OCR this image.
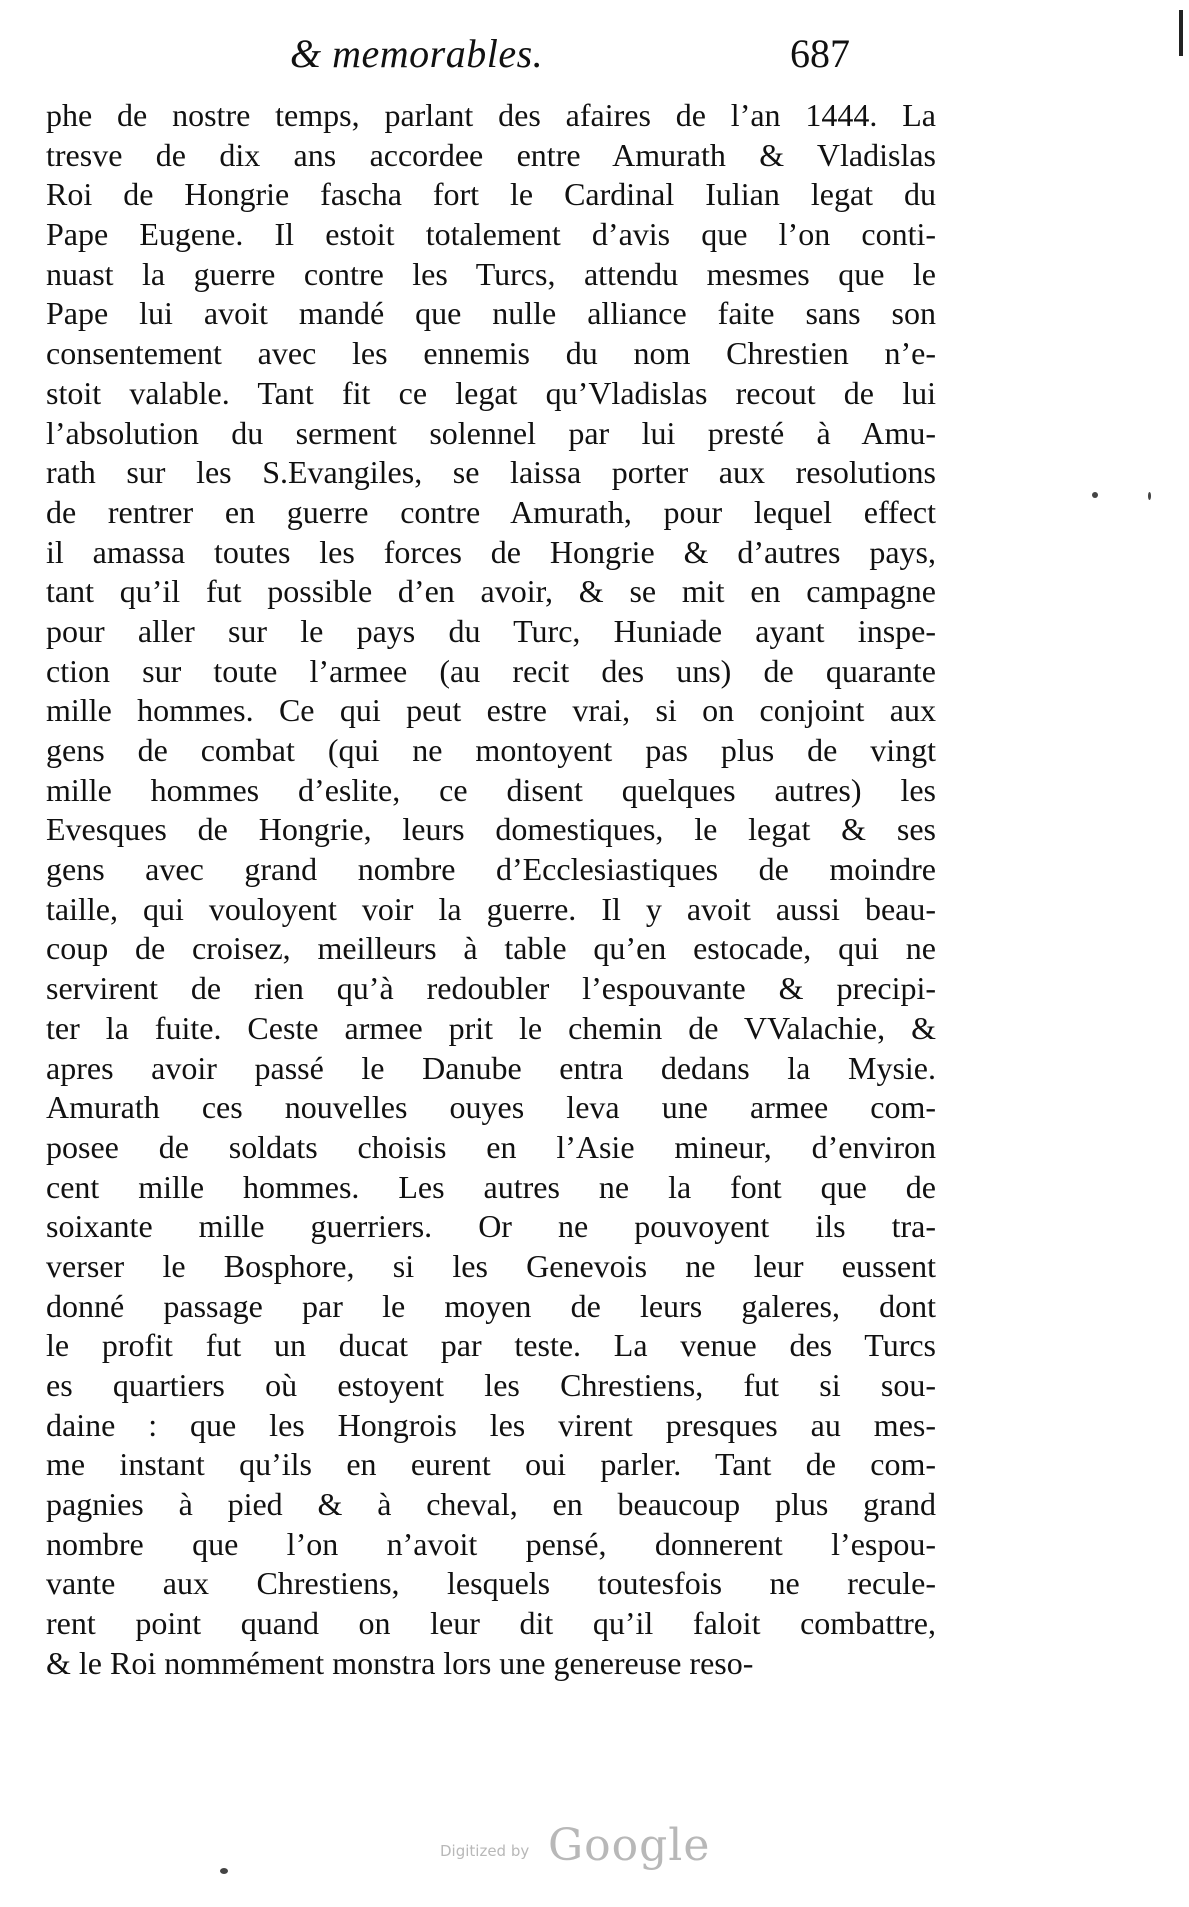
& memorables.	687
phe de nostre temps, parlant des afaires de l’an 1444. La
tresve de dix ans accordee entre Amurath & Vladislas
Roi de Hongrie fascha fort le Cardinal Iulian legat du
Pape Eugene. Il estoit totalement d’avis que l’on conti-
nuast la guerre contre les Turcs, attendu mesmes que le
Pape lui avoit mandé que nulle alliance faite sans son
consentement avec les ennemis du nom Chrestien n’e-
stoit valable. Tant fit ce legat qu’Vladislas recout de lui
l’absolution du serment solennel par lui presté à Amu-
rath sur les S.Evangiles, se laissa porter aux resolutions
de rentrer en guerre contre Amurath, pour lequel effect
il amassa toutes les forces de Hongrie & d’autres pays,
tant qu’il fut possible d’en avoir, & se mit en campagne
pour aller sur le pays du Turc, Huniade ayant inspe-
ction sur toute l’armee (au recit des uns) de quarante
mille hommes. Ce qui peut estre vrai, si on conjoint aux
gens de combat (qui ne montoyent pas plus de vingt
mille hommes d’eslite, ce disent quelques autres) les
Evesques de Hongrie, leurs domestiques, le legat & ses
gens avec grand nombre d’Ecclesiastiques de moindre
taille, qui vouloyent voir la guerre. Il y avoit aussi beau-
coup de croisez, meilleurs à table qu’en estocade, qui ne
servirent de rien qu’à redoubler l’espouvante & precipi-
ter la fuite. Ceste armee prit le chemin de VValachie, &
apres avoir passé le Danube entra dedans la Mysie.
Amurath ces nouvelles ouyes leva une armee com-
posee de soldats choisis en l’Asie mineur, d’environ
cent mille hommes. Les autres ne la font que de
soixante mille guerriers. Or ne pouvoyent ils tra-
verser le Bosphore, si les Genevois ne leur eussent
donné passage par le moyen de leurs galeres, dont
le profit fut un ducat par teste. La venue des Turcs
es quartiers où estoyent les Chrestiens, fut si sou-
daine : que les Hongrois les virent presques au mes-
me instant qu’ils en eurent oui parler. Tant de com-
pagnies à pied & à cheval, en beaucoup plus grand
nombre que l’on n’avoit pensé, donnerent l’espou-
vante aux Chrestiens, lesquels toutesfois ne recule-
rent point quand on leur dit qu’il faloit combattre,
& le Roi nommément monstra lors une genereuse reso-
Digitized by Google
